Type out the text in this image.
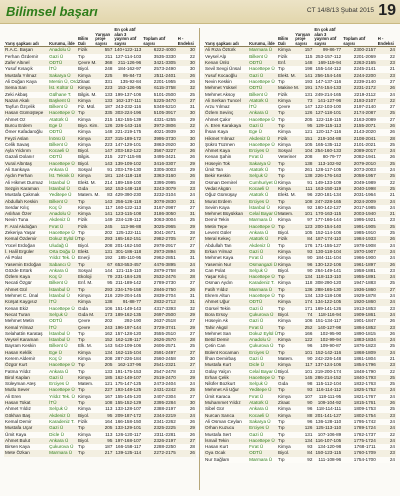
Bilimsel başarı	CT 14/8/13 Şubat 2015 19
Yarış şapkası adı	Kurumu, ilde	Bilim Dalı	Yarışan proje sayısı	En çok atıf alan 3 yayının atıf sayısı	Toplam atıf sayısı	H - Endeksi
R.A.C. Başarı	Anadolu Ü	Fizik	557	140+122-113	6222-4000	30
Ferhan Özdemir	Gazi Ü	Tıp	211	127-114-103	3535-3330	22
Zafer Altınel	ODTÜ	Çevre M.	368	211-126-96	3421-3305	30
Yusuf Kısaçık	İTÜ	Biyol.	248	184-162-97	2573-2490	30
Mustafa Yılmaz	Sakarya Ü	Kimya	225	95-84-73	2511-2401	26
Ali Doğan Kaya	Mersin Ü, Ord.	Ziraat	331	135-92-84	2201-1955	26
Sema Sarı	İst. Kültür Ü	Kimya	223	153-126-95	6115-3758	32
Zeki Akbaş	Gülhane T.	Bilgis. M.	133	199-137-106	5101-2500	25
Nazan Akalı	Başkent Ü	Kimya	133	162-137-111	5225-3470	27
Tayfun Özçelik	Bilkent Ü	Fiz. Mül.	187	243-232-116	5348-5210	31
Hasan Gümüştepe	Hacettepe Ü	Tıp	335	303-224-196	5105-3917	30
Ahmet Oz	Atatürk Ü	Kimya	215	162-155-139	4331-4255	29
Burcu Erdem	Ege Ü	Biyo. Kim.	126	226-143-116	3972-3806	22
Ömer Kafadaroğlu	ODTÜ	Kimya	148	221-219-175	4021-3939	30
Feyzi Aslan	İnönü Ü	Kimya	237	315-189-172	3995-3730	30
Celik Savaş	Bilkent Ü	Kimya	223	147-129-101	3863-2920	30
Ayla Yıldırım	Kocaeli Ü	Biyol.	147	203-182-122	3567-3227	26
Gazali Dolanır	ODTÜ	Bilgis.	215	227-115-86	3495-3421	26
Vural Altıntaş	Hacettepe Ü	Biyol.	143	139-109-102	3416-3307	29
Ali Sarıkaya	Ankara Ü	Sosyal	91	203-178-130	3305-3003	29
Aydın Ferhan	İst. Teknik Ü	Kimya	181	124-118-118	3363-3160	26
Ali Hikmet Durmaz	İstanbul Ü	Elekt. M.	214	189-158-100	3395-2995	28
Sezgin Karaman	İstanbul Ü	Gıda	162	153-148-118	3243-3079	23
Mustafa Çakmak	Yeditepe Ü	Matem. M.	83	429-390-230	3232-3104	24
Abdullah Keskin	Bilkent Ü	Tıp	143	256-126-118	3078-2830	21
Serdar Kılıç	Koç Ü	Kimya	117	160-122-113	3167-2987	27
Aslıhan Özer	Anadolu Ü	Kimya	141	123-115-108	3186-3050	31
Nevin Tuna	Akdeniz Ü	Fizik	149	234-128-112	3063-3004	25
F. Aral Akdoğan	Fırat Ü	Fizik	245	113-96-88	3025-2965	29
Zekeriya Yaşar	Hacettepe Ü	Tıp	202	125-122-111	3041-2671	28
Kemal Özdemir	Dokuz Eylül Ü	Tıp	293	165-162-151	2982-2705	27
Yücel Erdoğan	Uludağ Ü	Biyol.	208	201-162-150	2978-2917	27
İ. Halil Ergüler	Orta Doğu Ü	Elekt.	131	301-186-118	2973-2894	25
Ali Polat	Yıldız Tek. Ü	Enerji	192	185-110-95	2962-2851	31
Yasemin Erdoğan	Sabancı Ü	Tıp	67	653-553-457	4476-3895	24
Gözde Ertürk	Ankara Ü	Sosyal	144	121-115-110	2879-2758	26
Özlem Kaya	Koç Ü	Ekoloji	79	231-184-126	2532-2476	28
Necati Özgür	Bilkent Ü	Enf. M.	95	211-189-142	2789-2730	27
Ahmet Gül	İstanbul Ü	Tıp	293	234-176-158	2846-2750	26
Mehmet C. Ünal	İstanbul Ü	Kimya	216	229-204-145	2839-2704	31
Kürşat Kaygısız	İTÜ	Kimya	138	91-88-77	2832-2712	31
Kenan Ekiz	Hacettepe Ü	Gıda	106	151-149-143	4317-3393	32
Necat Turan	Selçuk Ü	Gıda M.	173	189-162-135	2697-2500	29
Mehmet Metin	ODTÜ	Çevre	202	292-190	2637-2518	27
Kemal Yılmaz	İTÜ	Çevre	243	196-197-144	3729-3741	29
Selahattin Karataş	İstanbul Ü	Tıp	162	157-128-120	3555-2510	27
Veysel Karaman	İstanbul Ü	Tıp	152	162-128-117	2626-2570	28
Bayram Keskin	Bilkent Ü	Elk. M.	143	543-109-106	2606-2571	25
Hasan Keklik	Ege Ü	Kimya	134	162-115-104	2591-2497	27
Kerem Aldemir	Koç Ü	Kimya	208	287-226-184	2560-2458	30
Özgür Kurt	Hacettepe Ü	Tıp	205	162-137-96	2541-2321	27
Fatma Yıldız	Ankara Ü	Tıp	133	191-175-153	2547-2478	23
Birol Kaplan	Gazi Ü	Kimya	185	162-149-107	2519-2470	29
Süleyman Ateş	Erciyes Ü	Matem.	121	175-147-125	2473-2404	24
Mutlu Sever	Hacettepe Ü	Tıp	227	193-148-125	2431-2242	25
Ali Eren	Yıldız Tek. Ü	Kimya	167	155-145-120	2407-2304	27
Hasan Tokat	İTÜ	Tıp	108	155-152-129	2395-2284	30
Ahmet Yıldız	Selçuk Ü	Kimya	113	133-128-107	2388-2197	26
Gökhan Baş	Akdeniz Ü	Biyol.	95	209-187-172	2344-2219	24
Kemal Demir	Karadeniz T.	Fizik	164	166-158-150	2341-2262	26
Mustafa Uçar	Gazi Ü	Tıp	205	133-129-101	2325-2225	29
Ümit Kaya	Dicle Ü	Kimya	113	126-120-117	2311-2281	26
Ahmet Bulut	Ankara Ü	Biyol.	95	197-168-107	2326-2197	27
Birsen Kaya	Çukurova Ü	Tıp	187	166-158-117	2288-2250	28
Mete Özkan	Marmara Ü	Tıp	217	139-125-114	2272-2175	26
Yarış şapkası adı	Kurumu, ilde	Bilim Dalı	Yarışan proje sayısı	En çok atıf alan 3 yayının atıf sayısı	Toplam atıf sayısı	H - Endeksi
Ali Rıza Öztürk	Marmara Ü	Kimya	157	99-86-77	2300-2157	24
Veysel Alp	Bilkent Ü	Fizik	115	253-157-112	2201-2069	22
Kenan Ünlü	ODTÜ	Enf.	148	169-119-94	2263-2165	23
Sevil Sevgi Ünsal	Hacettepe Ü	Tıp	198	155-144-112	2245-2141	21
Yusuf Kocaoğlu	Gazi Ü	Elekt. M.	141	256-154-146	2244-2200	23
Nevin Keskin	Hacettepe Ü	Tıp	193	147-137-116	2239-2140	27
Mehmet Yüksel	ODTÜ	Makine M.	191	174-154-133	2231-2172	26
Mehmet Aksoy	Bilkent Ü	Fizik	131	249-214-165	2219-2112	24
Ali Serkan Tuncel	Atatürk Ü	Kimya	73	141-127-96	2193-2107	22
Arzu Yılmaz	İTÜ	Çevre	147	122-103-100	2197-2140	27
Özlem Sevinç	Ankara Ü	Tıp	126	127-118-101	2174-2087	25
Ahmet Çakır	Hacettepe Ü	Tıp	205	122-118-115	2163-2089	27
A. Eren Karakaya	Gazi Ü	Tıp	95	129-115-113	2155-2071	26
İhsan Kaya	Ege Ü	Kimya	121	120-117-116	2143-2020	26
Hikmet Yılmaz	Akdeniz Ü	Fizik	151	219-104-88	2108-2041	28
Şükrü Tüzmen	Hacettepe Ü	Kimya	105	165-135-112	2101-2021	25
Ahmet Kaya	Erciyes Ü	Sosyal	104	254-160-133	2089-2017	24
Kenan Şahin	Fırat Ü	Veteriner	208	80-79-77	2082-1941	26
Hüseyin Tok	Sakarya Ü	Tıp	138	113-102-92	2079-2010	25
Ümit Tan	Atatürk Ü	Tıp	261	128-117-105	2073-2003	24
Bekir Keskin	Selçuk Ü	Tıp	138	226-176-163	2058-1957	25
Osman Demirel	Cumhuriyet Ü	Kimya	91	149-133-109	2049-1989	22
Vedat Akgün	Kocaeli Ü	Kimya	111	163-150-119	2040-1998	25
Oğuz Gümüşay	Atatürk Ü	Elekt. M.	96	220-181-134	2031-1964	21
Murat Erdem	Erciyes Ü	Tıp	108	247-228-165	2024-2009	24
Sevim Kaya	İstanbul Ü	Kimya	92	160-142-127	2017-1985	24
Mehmet Büyükkan	Celal Bayar Ü	Matem.	101	170-163-115	2003-1940	21
Demir Tekin	Marmara Ü	Kimya	97	177-166-144	1995-1921	23
Metin Tepe	Hacettepe Ü	Tıp	123	200-154-140	1991-1905	25
Levent Güler	Ankara Ü	Biyol.	105	152-114-106	1985-1910	25
Meral Kekeç	Atatürk Ü	Fizik	84	187-174-110	1984-1933	26
Abdullah Tan	Akdeniz Ü	Tıp	176	171-155-127	1978-1908	24
Erkan Yılmaz	Gazi Ü	Kimya	93	130-118-104	1970-1907	24
Mehmet Kaya	Fırat Ü	Kimya	90	184-111-104	1966-1900	24
Yasemin Nur	Osmangazi Ü	Kimya	96	130-122-106	1961-1897	26
Can Polat	Selçuk Ü	Biyol.	90	264-149-141	1958-1881	23
Yaşar Kılıç	Hacettepe Ü	Tıp	134	118-113-110	1955-1891	24
Osman Aydın	Karadeniz T.	Kimya	118	308-290-120	1947-1883	25
Fatih Yıldız	Marmara Ü	Tıp	136	288-165-130	1936-1860	27
Ekrem Altun	Hacettepe Ü	Tıp	134	133-118-108	1929-1878	24
Ahmet Uğur	ODTÜ	Kimya	174	134-122-105	1920-1860	24
Gürsel Tekin	Gazi Ü	Tıp	171	169-141-126	1913-1853	23
Bora Ersoy	Çukurova Ü	Biyol.	74	118-116-94	1909-1861	24
Hüseyin Ak	Gazi Ü	Kimya	106	151-134-117	1901-1847	26
Tahir Akgül	Fırat Ü	Tıp	252	140-127-98	1894-1852	23
Mehmet Sarı	Dokuz Eylül Ü	Tıp	166	102-95-90	1890-1815	26
Betül Demir	Anadolu Ü	Kimya	122	102-99-94	1883-1834	24
Çetin Can	Çukurova Ü	Tıp	96	109-90-87	1876-1823	25
Bülent Kocaman	Erciyes Ü	Tıp	101	152-142-116	1868-1809	24
İlhan Demirbaş	Gazi Ü	Matem.	90	242-226-148	1861-1804	21
Mustafa Kurt	Dicle Ü	Kimya	117	137-124-106	1854-1796	23
Gülay Yalçın	Celal Bayar Ü	Biyol.	101	219-200-174	1848-1790	22
Erhan Çelik	Hacettepe Ü	Tıp	145	286-214-152	1840-1793	25
Nilüfer Bozkurt	Selçuk Ü	Gıda	98	115-112-104	1832-1763	25
Mehmet Ali Uğur	Yeditepe Ü	Tıp	93	116-114-112	1825-1752	24
Ümit Karaca	Fırat Ü	Kimya	107	118-111-95	1821-1767	24
Muhammet Yıldız	Atatürk Ü	Ziraat	90	109-104-92	1815-1761	26
Sibel Gür	Ankara Ü	Kimya	96	118-114-111	1809-1753	25
Nurcan Sarıca	Kocaeli Ü	Kimya	88	201-141-127	1802-1754	23
Ali Osman Ceylan	Sakarya Ü	Tıp	96	136-128-110	1795-1742	24
Orhan Kuzucu	Erciyes Ü	Tıp	126	125-113-110	1789-1724	24
Mustafa Sert	Gazi Ü	Tıp	131	107-106-89	1782-1737	22
İsmail Tekin	Hacettepe Ü	Tıp	134	116-107-105	1775-1724	24
Hasan Kurt	Fırat Ü	Kimya	93	134-120-98	1768-1711	24
Oya Ocak	ODTÜ	Biyol.	84	150-123-115	1760-1709	23
Nur Sağlam	Marmara Ü	Tıp	92	111-108-96	1754-1700	24
